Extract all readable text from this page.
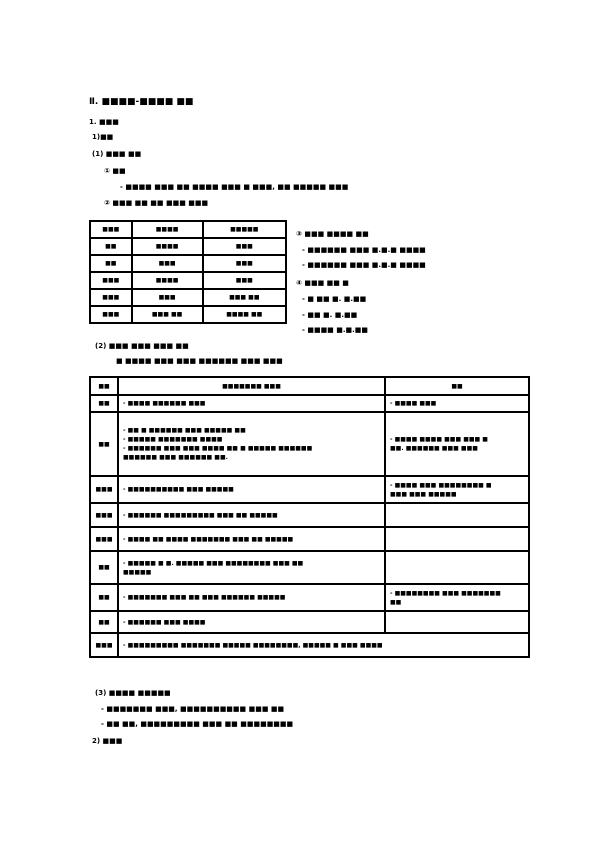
Ⅱ. ■■■■-■■■■ ■■
1. ■■■
1)■■
(1) ■■■ ■■
① ■■
- ■■■■ ■■■ ■■ ■■■■ ■■■ ■ ■■■, ■■ ■■■■■ ■■■
② ■■■ ■■ ■■ ■■■ ■■■
■■■	■■■■	■■■■■
■■	■■■■	■■■
■■	■■■	■■■
■■■	■■■■	■■■
■■■	■■■	■■■ ■■
■■■	■■■ ■■	■■■■ ■■
③ ■■■ ■■■■ ■■
- ■■■■■■ ■■■ ■.■.■ ■■■■
- ■■■■■■ ■■■ ■.■.■ ■■■■
④ ■■■ ■■ ■
- ■ ■■ ■. ■.■■
- ■■ ■. ■.■■
- ■■■■ ■.■.■■
(2) ■■■ ■■■ ■■■ ■■
■ ■■■■ ■■■ ■■■ ■■■■■■ ■■■ ■■■
■■	■■■■■■■ ■■■	■■
■■	- ■■■■ ■■■■■■ ■■■	- ■■■■ ■■■

■■	- ■■ ■ ■■■■■■ ■■■ ■■■■■ ■■
- ■■■■■ ■■■■■■■ ■■■■
- ■■■■■■ ■■■ ■■■ ■■■■ ■■ ■ ■■■■■ ■■■■■■
■■■■■■ ■■■ ■■■■■■ ■■.	- ■■■■ ■■■■ ■■■ ■■■ ■
■■. ■■■■■■ ■■■ ■■■

■■■	- ■■■■■■■■■■ ■■■ ■■■■■	- ■■■■ ■■■ ■■■■■■■■ ■
■■■ ■■■ ■■■■■

■■■	- ■■■■■■ ■■■■■■■■■ ■■■ ■■ ■■■■■	

■■■	- ■■■■ ■■ ■■■■ ■■■■■■■ ■■■ ■■ ■■■■■	

■■	- ■■■■■ ■ ■. ■■■■■ ■■■ ■■■■■■■■ ■■■ ■■
■■■■■	

■■	- ■■■■■■■ ■■■ ■■ ■■■ ■■■■■■ ■■■■■	- ■■■■■■■■ ■■■ ■■■■■■■
■■

■■	- ■■■■■■ ■■■ ■■■■	

■■■	- ■■■■■■■■■ ■■■■■■■ ■■■■■ ■■■■■■■■, ■■■■■ ■ ■■■ ■■■■	
(3) ■■■■ ■■■■■
- ■■■■■■■ ■■■, ■■■■■■■■■■ ■■■ ■■
- ■■ ■■, ■■■■■■■■■ ■■■ ■■ ■■■■■■■■
2) ■■■
